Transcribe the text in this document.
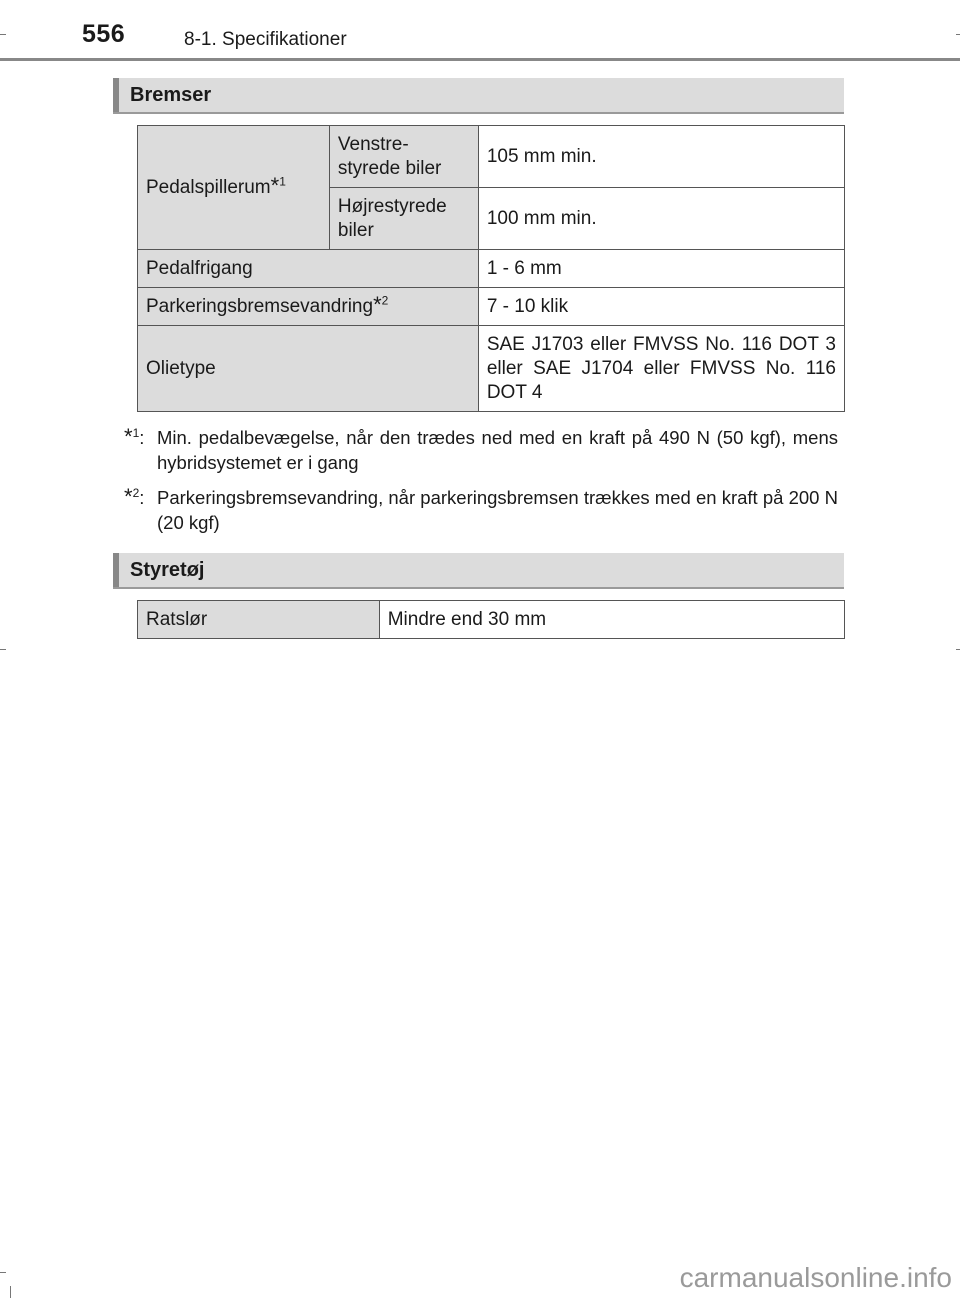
556	8-1. Specifikationer
Bremser
Pedalspillerum*$^1$	Venstre-styrede biler	105 mm min.
	Højrestyrede biler	100 mm min.
Pedalfrigang		1 - 6 mm
Parkeringsbremsevandring*$^2$		7 - 10 klik
Olietype		SAE J1703 eller FMVSS No. 116 DOT 3 eller SAE J1704 eller FMVSS No. 116 DOT 4
*$^1$: Min. pedalbevægelse, når den trædes ned med en kraft på 490 N (50 kgf), mens hybridsystemet er i gang
*$^2$: Parkeringsbremsevandring, når parkeringsbremsen trækkes med en kraft på 200 N (20 kgf)
Styretøj
Ratslør	Mindre end 30 mm
carmanualsonline.info
